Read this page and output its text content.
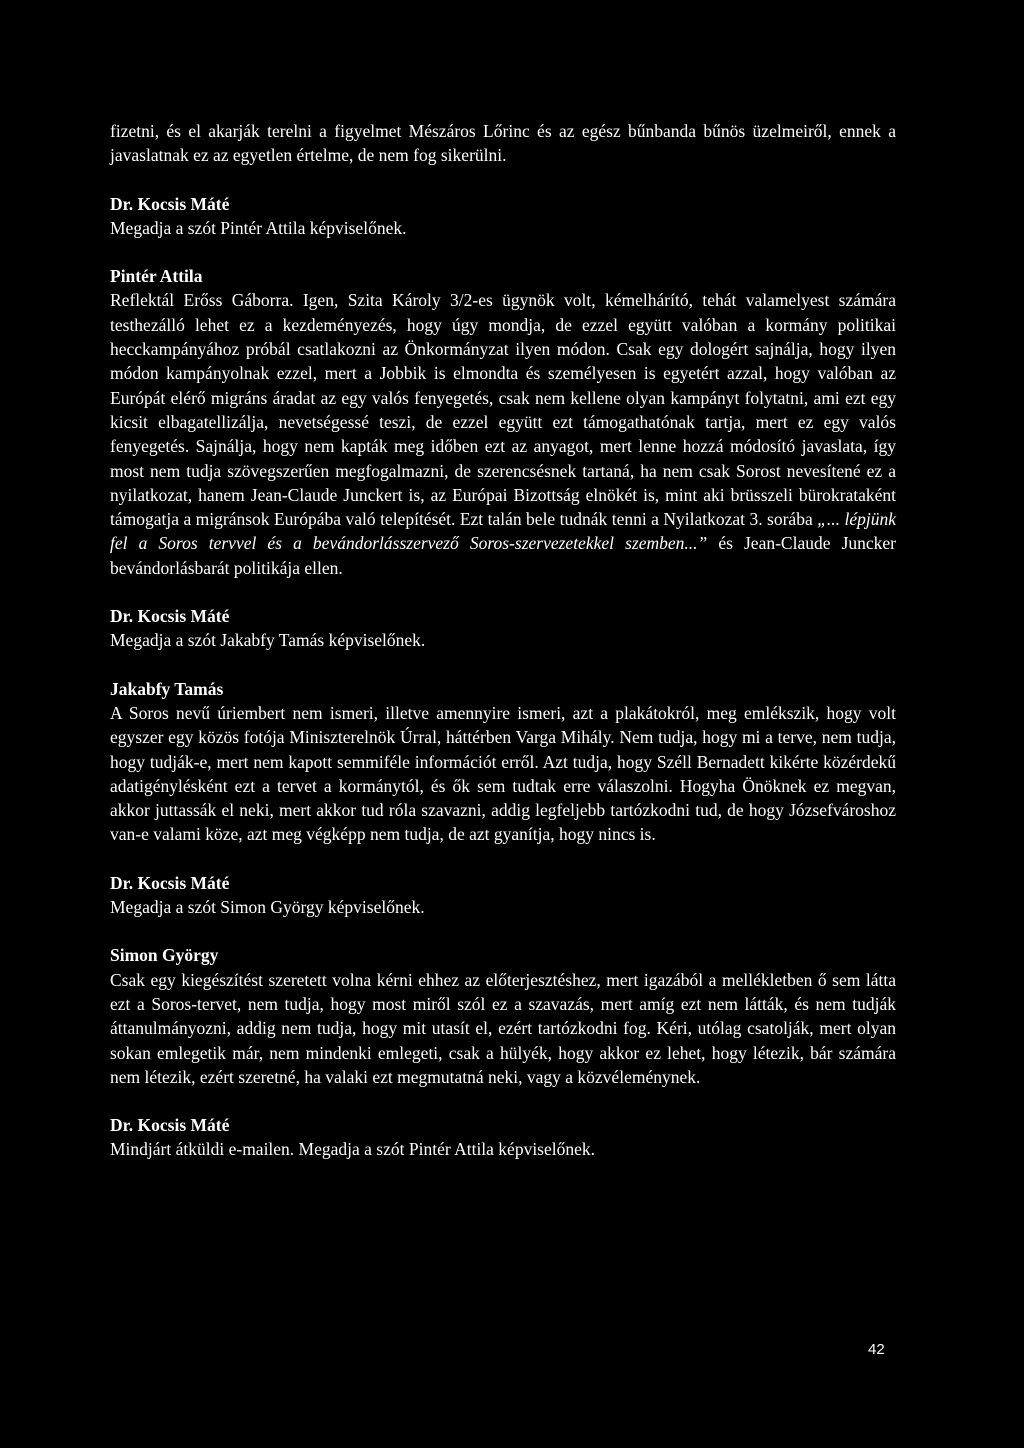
fizetni, és el akarják terelni a figyelmet Mészáros Lőrinc és az egész bűnbanda bűnös üzelmeiről, ennek a javaslatnak ez az egyetlen értelme, de nem fog sikerülni.

Dr. Kocsis Máté

Megadja a szót Pintér Attila képviselőnek.

Pintér Attila

Reflektál Erőss Gáborra. Igen, Szita Károly 3/2-es ügynök volt, kémelhárító, tehát valamelyest számára testhezálló lehet ez a kezdeményezés, hogy úgy mondja, de ezzel együtt valóban a kormány politikai hecckampányához próbál csatlakozni az Önkormányzat ilyen módon. Csak egy dologért sajnálja, hogy ilyen módon kampányolnak ezzel, mert a Jobbik is elmondta és személyesen is egyetért azzal, hogy valóban az Európát elérő migráns áradat az egy valós fenyegetés, csak nem kellene olyan kampányt folytatni, ami ezt egy kicsit elbagatellizálja, nevetségessé teszi, de ezzel együtt ezt támogathatónak tartja, mert ez egy valós fenyegetés. Sajnálja, hogy nem kapták meg időben ezt az anyagot, mert lenne hozzá módosító javaslata, így most nem tudja szövegszerűen megfogalmazni, de szerencsésnek tartaná, ha nem csak Sorost nevesítené ez a nyilatkozat, hanem Jean-Claude Junckert is, az Európai Bizottság elnökét is, mint aki brüsszeli bürokrataként támogatja a migránsok Európába való telepítését. Ezt talán bele tudnák tenni a Nyilatkozat 3. sorába „... lépjünk fel a Soros tervvel és a bevándorlásszervező Soros-szervezetekkel szemben...” és Jean-Claude Juncker bevándorlásbarát politikája ellen.

Dr. Kocsis Máté

Megadja a szót Jakabfy Tamás képviselőnek.

Jakabfy Tamás

A Soros nevű úriembert nem ismeri, illetve amennyire ismeri, azt a plakátokról, meg emlékszik, hogy volt egyszer egy közös fotója Miniszterelnök Úrral, háttérben Varga Mihály. Nem tudja, hogy mi a terve, nem tudja, hogy tudják-e, mert nem kapott semmiféle információt erről. Azt tudja, hogy Széll Bernadett kikérte közérdekű adatigénylésként ezt a tervet a kormánytól, és ők sem tudtak erre válaszolni. Hogyha Önöknek ez megvan, akkor juttassák el neki, mert akkor tud róla szavazni, addig legfeljebb tartózkodni tud, de hogy Józsefvároshoz van-e valami köze, azt meg végképp nem tudja, de azt gyanítja, hogy nincs is.

Dr. Kocsis Máté

Megadja a szót Simon György képviselőnek.

Simon György

Csak egy kiegészítést szeretett volna kérni ehhez az előterjesztéshez, mert igazából a mellékletben ő sem látta ezt a Soros-tervet, nem tudja, hogy most miről szól ez a szavazás, mert amíg ezt nem látták, és nem tudják áttanulmányozni, addig nem tudja, hogy mit utasít el, ezért tartózkodni fog. Kéri, utólag csatolják, mert olyan sokan emlegetik már, nem mindenki emlegeti, csak a hülyék, hogy akkor ez lehet, hogy létezik, bár számára nem létezik, ezért szeretné, ha valaki ezt megmutatná neki, vagy a közvéleménynek.

Dr. Kocsis Máté

Mindjárt átküldi e-mailen. Megadja a szót Pintér Attila képviselőnek.

42
